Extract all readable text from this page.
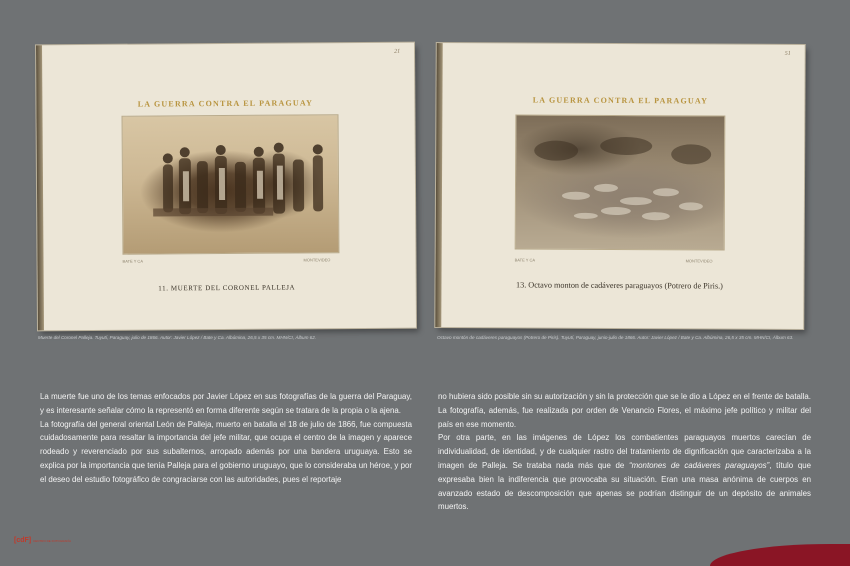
21
LA GUERRA CONTRA EL PARAGUAY
BATE Y CA	MONTEVIDEO
11. MUERTE DEL CORONEL PALLEJA
51
LA GUERRA CONTRA EL PARAGUAY
BATE Y CA	MONTEVIDEO
13. Octavo monton de cadáveres paraguayos (Potrero de Piris.)
Muerte del Coronel Palleja. Tuyutí, Paraguay, julio de 1866. Autor: Javier López / Bate y Ca. Albúmina, 26,5 x 35 cm. MHN/CI, Álbum 62.	Octavo montón de cadáveres paraguayos (Potrero de Piris). Tuyutí, Paraguay, junio-julio de 1866. Autor: Javier López / Bate y Ca. Albúmina, 26,5 x 35 cm. MHN/CI, Álbum 63.

La muerte fue uno de los temas enfocados por Javier López en sus fotografías de la guerra del Paraguay, y es interesante señalar cómo la representó en forma diferente según se tratara de la propia o la ajena.

La fotografía del general oriental León de Palleja, muerto en batalla el 18 de julio de 1866, fue compuesta cuidadosamente para resaltar la importancia del jefe militar, que ocupa el centro de la imagen y aparece rodeado y reverenciado por sus subalternos, arropado además por una bandera uruguaya. Esto se explica por la importancia que tenía Palleja para el gobierno uruguayo, que lo consideraba un héroe, y por el deseo del estudio fotográfico de congraciarse con las autoridades, pues el reportaje

no hubiera sido posible sin su autorización y sin la protección que se le dio a López en el frente de batalla. La fotografía, además, fue realizada por orden de Venancio Flores, el máximo jefe político y militar del país en ese momento.

Por otra parte, en las imágenes de López los combatientes paraguayos muertos carecían de individualidad, de identidad, y de cualquier rastro del tratamiento de dignificación que caracterizaba a la imagen de Palleja. Se trataba nada más que de “montones de cadáveres paraguayos”, título que expresaba bien la indiferencia que provocaba su situación. Eran una masa anónima de cuerpos en avanzado estado de descomposición que apenas se podrían distinguir de un depósito de animales muertos.

[cdF] CENTRO DE FOTOGRAFÍA
